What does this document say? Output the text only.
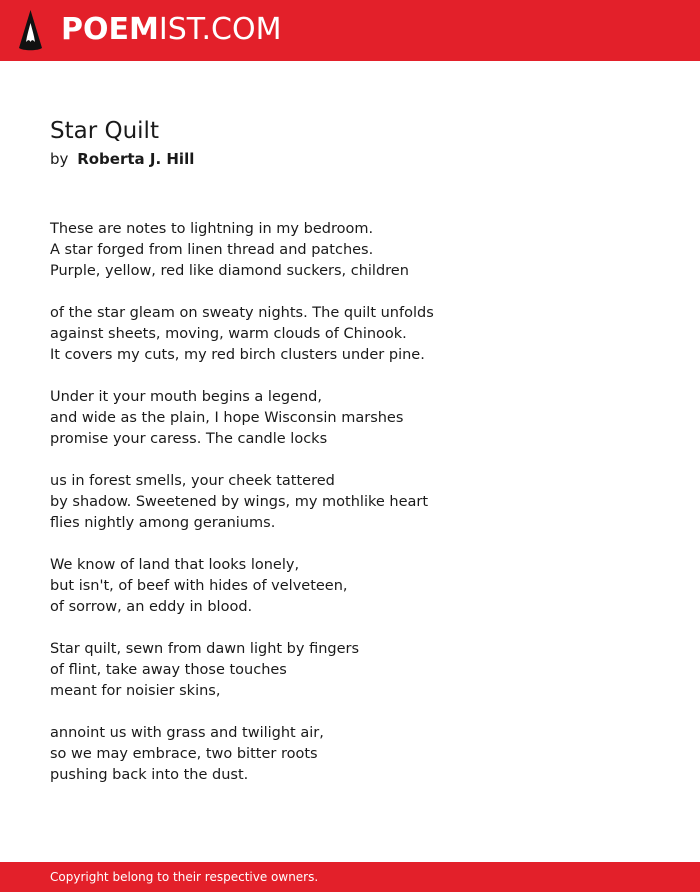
POEMIST.COM
Star Quilt
by Roberta J. Hill
These are notes to lightning in my bedroom.
A star forged from linen thread and patches.
Purple, yellow, red like diamond suckers, children
of the star gleam on sweaty nights. The quilt unfolds
against sheets, moving, warm clouds of Chinook.
It covers my cuts, my red birch clusters under pine.
Under it your mouth begins a legend,
and wide as the plain, I hope Wisconsin marshes
promise your caress. The candle locks
us in forest smells, your cheek tattered
by shadow. Sweetened by wings, my mothlike heart
flies nightly among geraniums.
We know of land that looks lonely,
but isn't, of beef with hides of velveteen,
of sorrow, an eddy in blood.
Star quilt, sewn from dawn light by fingers
of flint, take away those touches
meant for noisier skins,
annoint us with grass and twilight air,
so we may embrace, two bitter roots
pushing back into the dust.
Copyright belong to their respective owners.
